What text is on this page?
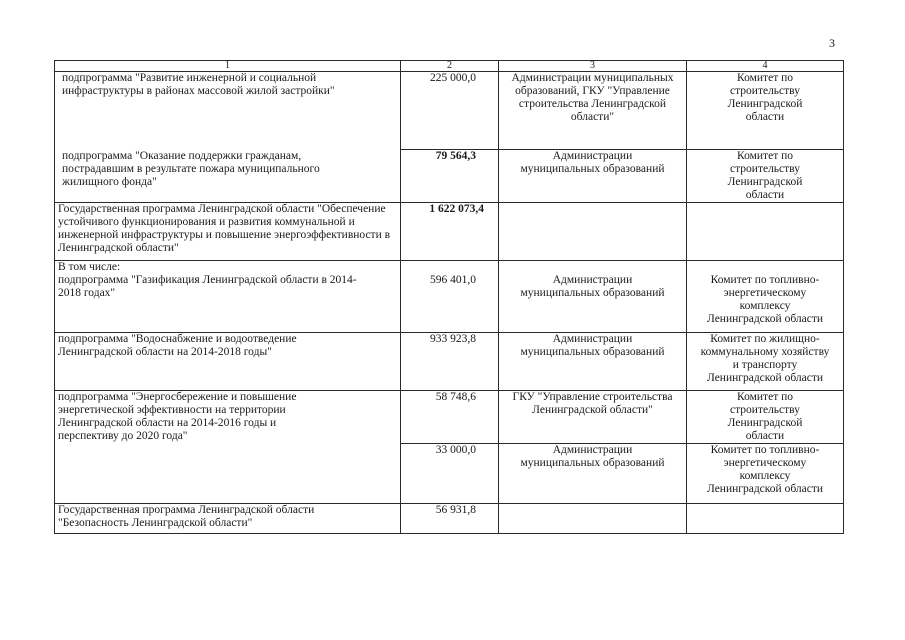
3
1	2	3	4

подпрограмма "Развитие инженерной и социальной инфраструктуры в районах массовой жилой застройки"	225 000,0	Администрации муниципальных образований, ГКУ "Управление строительства Ленинградской области"	Комитет по строительству Ленинградской области

подпрограмма "Оказание поддержки гражданам, пострадавшим в результате пожара муниципального жилищного фонда"	79 564,3	Администрации муниципальных образований	Комитет по строительству Ленинградской области

Государственная программа Ленинградской области "Обеспечение устойчивого функционирования и развития коммунальной и инженерной инфраструктуры и повышение энергоэффективности в Ленинградской области"	1 622 073,4		

В том числе:
подпрограмма "Газификация Ленинградской области в 2014-2018 годах"	596 401,0	Администрации муниципальных образований	Комитет по топливно-энергетическому комплексу Ленинградской области

подпрограмма "Водоснабжение и водоотведение Ленинградской области на 2014-2018 годы"	933 923,8	Администрации муниципальных образований	Комитет по жилищно-коммунальному хозяйству и транспорту Ленинградской области

подпрограмма "Энергосбережение и повышение энергетической эффективности на территории Ленинградской области на 2014-2016 годы и перспективу до 2020 года"	58 748,6	ГКУ "Управление строительства Ленинградской области"	Комитет по строительству Ленинградской области

	33 000,0	Администрации муниципальных образований	Комитет по топливно-энергетическому комплексу Ленинградской области

Государственная программа Ленинградской области "Безопасность Ленинградской области"	56 931,8		
